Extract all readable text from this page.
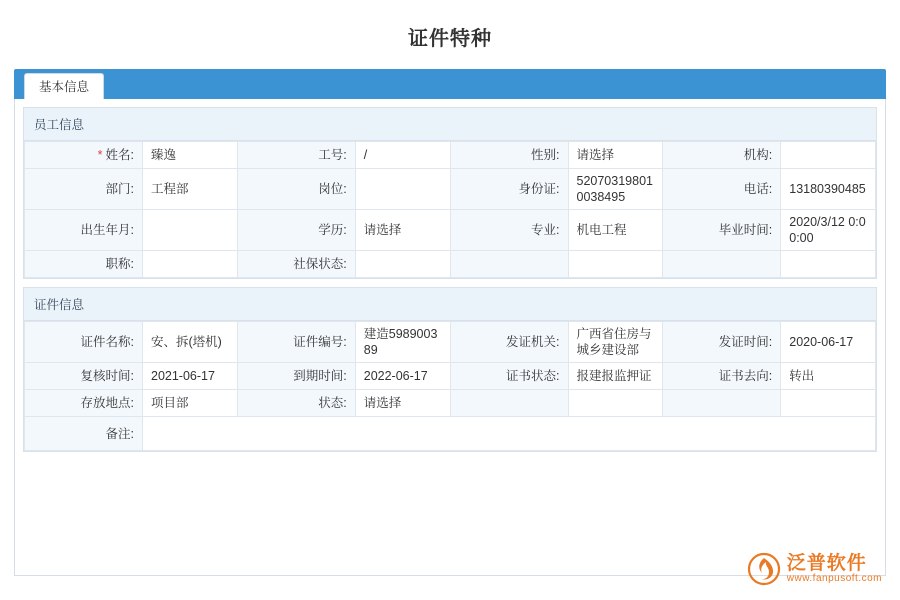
证件特种
基本信息
员工信息
* 姓名:	臻逸	工号:	/	性别:	请选择	机构:	
部门:	工程部	岗位:		身份证:	520703198010038495	电话:	13180390485
出生年月:		学历:	请选择	专业:	机电工程	毕业时间:	2020/3/12 0:00:00
职称:		社保状态:					
证件信息
证件名称:	安、拆(塔机)	证件编号:	建造598900389	发证机关:	广西省住房与城乡建设部	发证时间:	2020-06-17
复核时间:	2021-06-17	到期时间:	2022-06-17	证书状态:	报建报监押证	证书去向:	转出
存放地点:	项目部	状态:	请选择				
备注:							
泛普软件
www.fanpusoft.com
